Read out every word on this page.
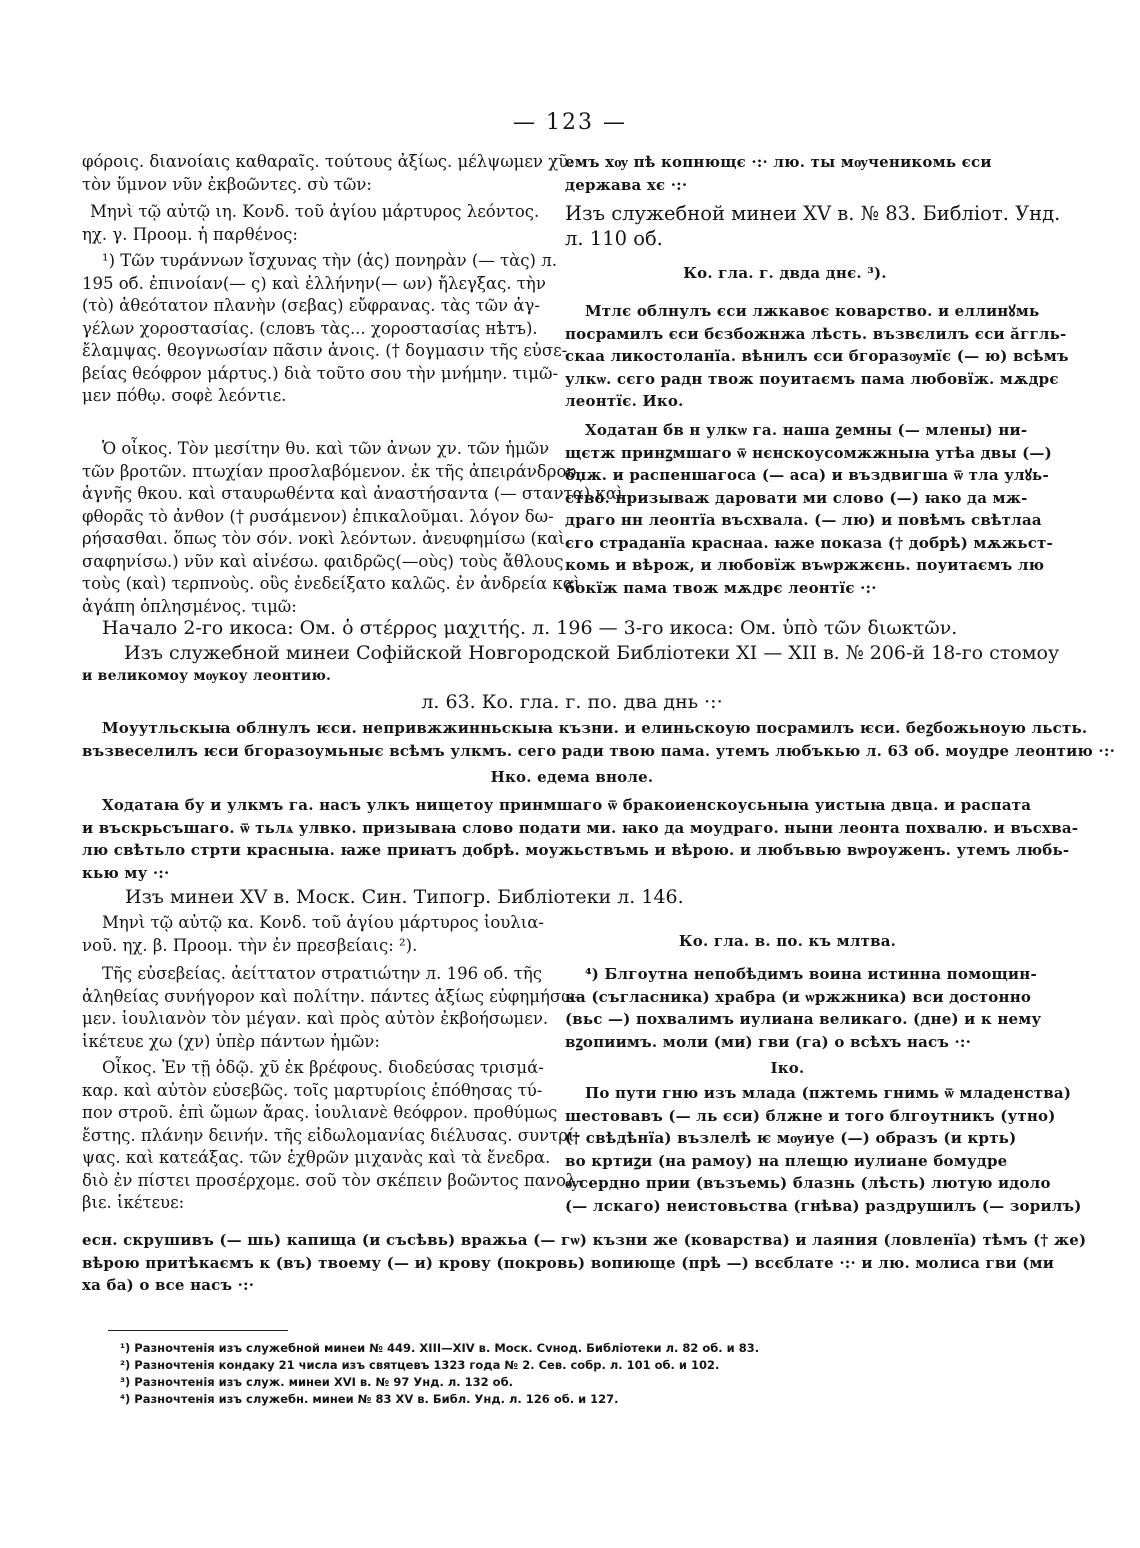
— 123 —
φόροις. διανοίαις καθαραῖς. τούτους ἀξίως. μέλψωμεν χῦ.
τὸν ὕμνον νῦν ἐκβοῶντες. σὺ τῶν:
Μηνὶ τῷ αὐτῷ ιη. Κονδ. τοῦ ἁγίου μάρτυρος λεόντος.
ηχ. γ. Προομ. ἡ παρθένος:
¹) Τῶν τυράννων ἴσχυνας τὴν (ἀς) πονηρὰν (— τὰς) л.
195 об. ἐπινοίαν(— ς) καὶ ἐλλήνην(— ων) ἤλεγξας. τὴν
(τὸ) ἀθεότατον πλανὴν (σεβας) εὔφρανας. τὰς τῶν ἀγ-
γέλων χοροστασίας. (словъ τὰς... χοροστασίας нѣтъ).
ἔλαμψας. θεογνωσίαν πᾶσιν ἀνοις. († δογμασιν τῆς εὐσε-
βείας θεόφρον μάρτυς.) διὰ τοῦτο σου τὴν μνήμην. τιμῶ-
μεν πόθῳ. σοφὲ λεόντιε.
Ὁ οἶκος. Τὸν μεσίτην θυ. καὶ τῶν ἀνων χν. τῶν ἡμῶν
τῶν βροτῶν. πτωχίαν προσλαβόμενον. ἐκ τῆς ἀπειράνδρου
ἁγνῆς θκου. καὶ σταυρωθέντα καὶ ἀναστήσαντα (— σταντα).καὶ
φθορᾶς τὸ ἀνθον († ρυσάμενον) ἐπικαλοῦμαι. λόγον δω-
ρήσασθαι. ὅπως τὸν σόν. νοκὶ λεόντων. ἀνευφημίσω (καὶ
σαφηνίσω.) νῦν καὶ αἰνέσω. φαιδρῶς(—οὺς) τοὺς ἄθλους
τοὺς (καὶ) τερπνοὺς. οὓς ἐνεδείξατο καλῶς. ἐν ἀνδρεία καὶ
ἀγάπη ὁπλησμένος. τιμῶ:
емъ хѹ пѣ копнющє ·:· лю. ты мѹченикомь єси
держава хє ·:·
Изъ служебной минеи XV в. № 83. Библiот. Унд.
л. 110 об.
Ко. гла. г. двда днє. ³).
Мтлє облнулъ єси лжкавоє коварство. и еллинꙋмь
посрамилъ єси бєзбожнжа лѣсть. възвєлилъ єси ӑггль-
скаа ликостоланїа. вѣнилъ єси бгоразѹмїє (— ю) всѣмъ
улкѡ. сєго радн твож поуитаємъ пама любовїж. мѫдрє
леонтїє. Ико.
Ходатан бв н улкѡ га. наша ꙁемны (— млены) ни-
щєтж принꙁмшаго ѿ нєнскоусомжжныꙗ утѣа двы (—)
бџж. и распеншагоса (— аса) и въздвигша ѿ тла улꙋь-
ство. призываж даровати ми слово (—) ꙗко да мж-
драго нн леонтїа въсхвала. (— лю) и повѣмъ свѣтлаа
єго страданїа краснаа. ꙗже показа († добрѣ) мѫжьст-
комь и вѣрож, и любовїж въѡржжєнь. поуитаємъ лю
бокїж пама твож мѫдрє леонтїє ·:·
Начало 2-го икоса: Ом. ὁ στέρρος μαχιτής. л. 196 — 3-го икоса: Ом. ὑπὸ τῶν διωκτῶν.
Изъ служебной минеи Софiйской Новгородской Библiотеки XI — XII в. № 206-й 18-го стомоу
и великомоу мѹкоу леонтию.
л. 63. Ко. гла. г. по. два днь ·:·
Моуутльскыꙗ облнулъ ѥси. непривжжинньскыꙗ къзни. и елиньскоую посрамилъ ѥси. беꙁбожьноую льсть.
възвеселилъ ѥси бгоразоумьныє всѣмъ улкмъ. сего ради твою пама. утемъ любъкью л. 63 об. моудре леонтию ·:·
Нко. едема вноле.
Ходатаꙗ бу и улкмъ га. насъ улкъ нищетоу принмшаго ѿ бракоиенскоусьныꙗ уистыꙗ двца. и распата
и въскрьсъшаго. ѿ тьлѧ улвко. призываꙗ слово подати ми. ꙗко да моудраго. ныни леонта похвалю. и въсхва-
лю свѣтьло стрти красныꙗ. ꙗже приꙗтъ добрѣ. моужьствъмь и вѣрою. и любъвью вѡроуженъ. утемъ любь-
кью му ·:·
Изъ минеи XV в. Моск. Син. Типогр. Библiотеки л. 146.
Μηνὶ τῷ αὐτῷ κα. Κονδ. τοῦ ἁγίου μάρτυρος ἰουλια-
νοῦ. ηχ. β. Προομ. τὴν ἐν πρεσβείαις: ²).
Τῆς εὐσεβείας. ἀείττατον στρατιώτην л. 196 об. τῆς
ἀληθείας συνήγορον καὶ πολίτην. πάντες ἀξίως εὐφημήσω-
μεν. ἰουλιανὸν τὸν μέγαν. καὶ πρὸς αὐτὸν ἐκβοήσωμεν.
ἱκέτευε χω (χν) ὑπὲρ πάντων ἡμῶν:
Οἶκος. Ἐν τῇ ὁδῷ. χῦ ἐκ βρέφους. διοδεύσας τρισμά-
καρ. καὶ αὐτὸν εὐσεβῶς. τοῖς μαρτυρίοις ἐπόθησας τύ-
πον στροῦ. ἐπὶ ὤμων ἄρας. ἰουλιανὲ θεόφρον. προθύμως
ἔστης. πλάνην δεινήν. τῆς εἰδωλομανίας διέλυσας. συντρί-
ψας. καὶ κατεάξας. τῶν ἐχθρῶν μιχανὰς καὶ τὰ ἔνεδρα.
διὸ ἐν πίστει προσέρχομε. σοῦ τὸν σκέπειν βοῶντος πανολ-
βιε. ἱκέτευε:
Ко. гла. в. по. къ млтва.
⁴) Блгоутна непобѣдимъ воина истинна помощин-
ка (съгласника) храбра (и ѡржжника) вси достонно
(вьс —) похвалимъ иулиана великаго. (дне) и к нему
вꙁопиимъ. моли (ми) гви (га) о всѣхъ насъ ·:·
Іко.
По пути гню изъ млада (пжтемь гнимь ѿ младенства)
шестовавъ (— ль єси) блжне и того блгоутникъ (утно)
(† свѣдѣнїа) възлелѣ ѥ мѹиуе (—) образъ (и крть)
во кртиꙁи (на рамоу) на плещю иулиане бомудре
ѹсердно прии (възъемь) блазнь (лѣсть) лютую идоло
(— лскаго) неистовьства (гнѣва) раздрушилъ (— зорилъ)
есн. скрушивъ (— шь) капища (и съсѣвь) вражьа (— гѡ) къзни же (коварства) и лаяния (ловленїа) тѣмъ († же)
вѣрою притѣкаємъ к (въ) твоему (— и) крову (покровь) вопиюще (прѣ —) всєблате ·:· и лю. молиса гви (ми
ха ба) о все насъ ·:·
¹) Разночтенiя изъ служебной минеи № 449. XIII—XIV в. Моск. Сvнод. Библiотеки л. 82 об. и 83.
²) Разночтенiя кондаку 21 числа изъ святцевъ 1323 года № 2. Сев. собр. л. 101 об. и 102.
³) Разночтенiя изъ служ. минеи XVI в. № 97 Унд. л. 132 об.
⁴) Разночтенiя изъ служебн. минеи № 83 XV в. Библ. Унд. л. 126 об. и 127.
